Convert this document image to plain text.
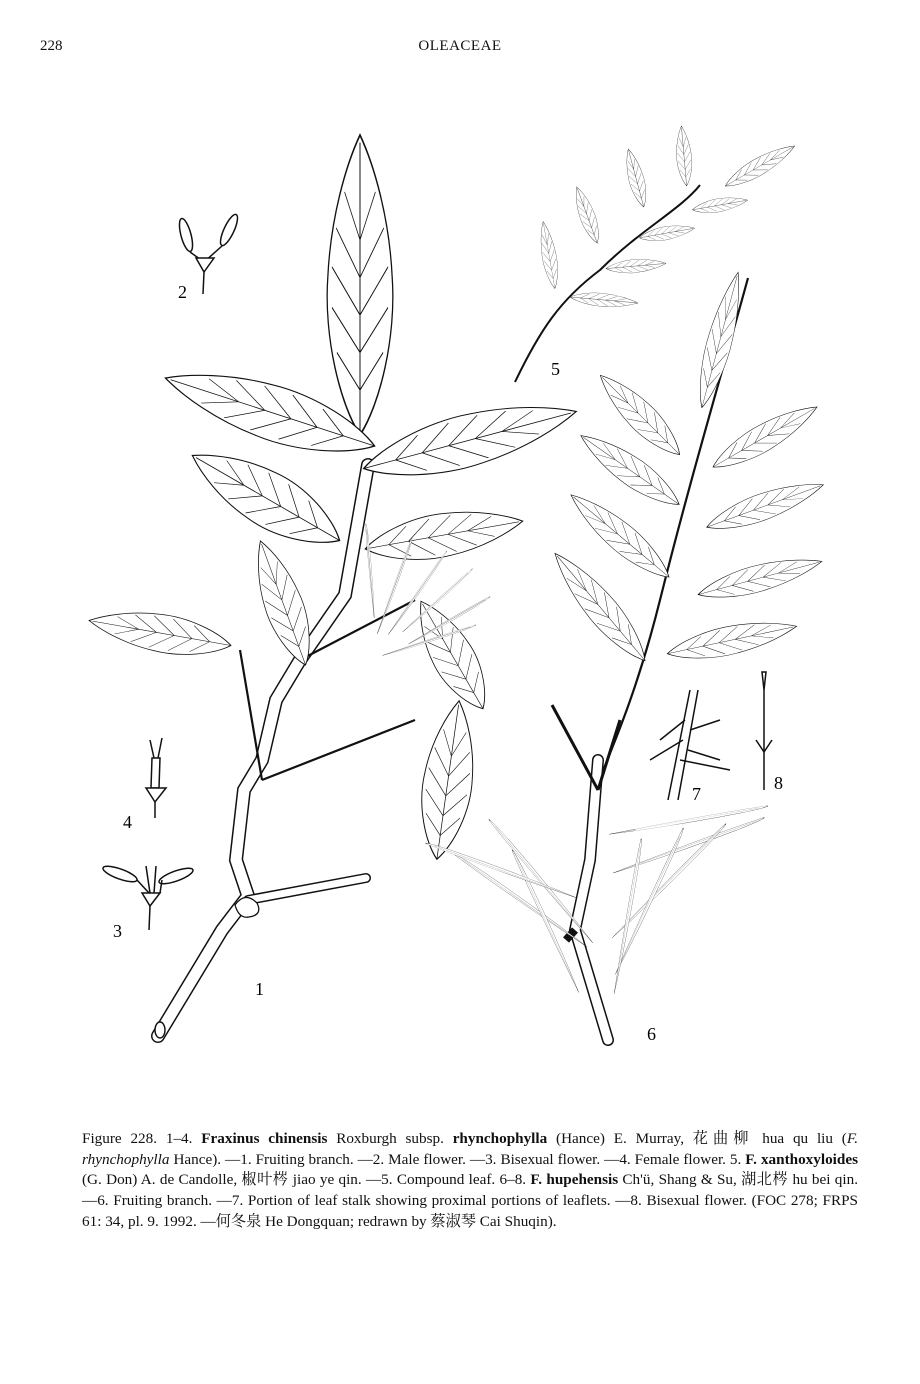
228	OLEACEAE
1
2
3
4
5
6
7
8

Figure 228. 1–4. Fraxinus chinensis Roxburgh subsp. rhynchophylla (Hance) E. Murray, 花曲柳 hua qu liu (F. rhynchophylla Hance). —1. Fruiting branch. —2. Male flower. —3. Bisexual flower. —4. Female flower. 5. F. xanthoxyloides (G. Don) A. de Candolle, 椒叶梣 jiao ye qin. —5. Compound leaf. 6–8. F. hupehensis Ch'ü, Shang & Su, 湖北梣 hu bei qin. —6. Fruiting branch. —7. Portion of leaf stalk showing proximal portions of leaflets. —8. Bisexual flower. (FOC 278; FRPS 61: 34, pl. 9. 1992. —何冬泉 He Dongquan; redrawn by 蔡淑琴 Cai Shuqin).
